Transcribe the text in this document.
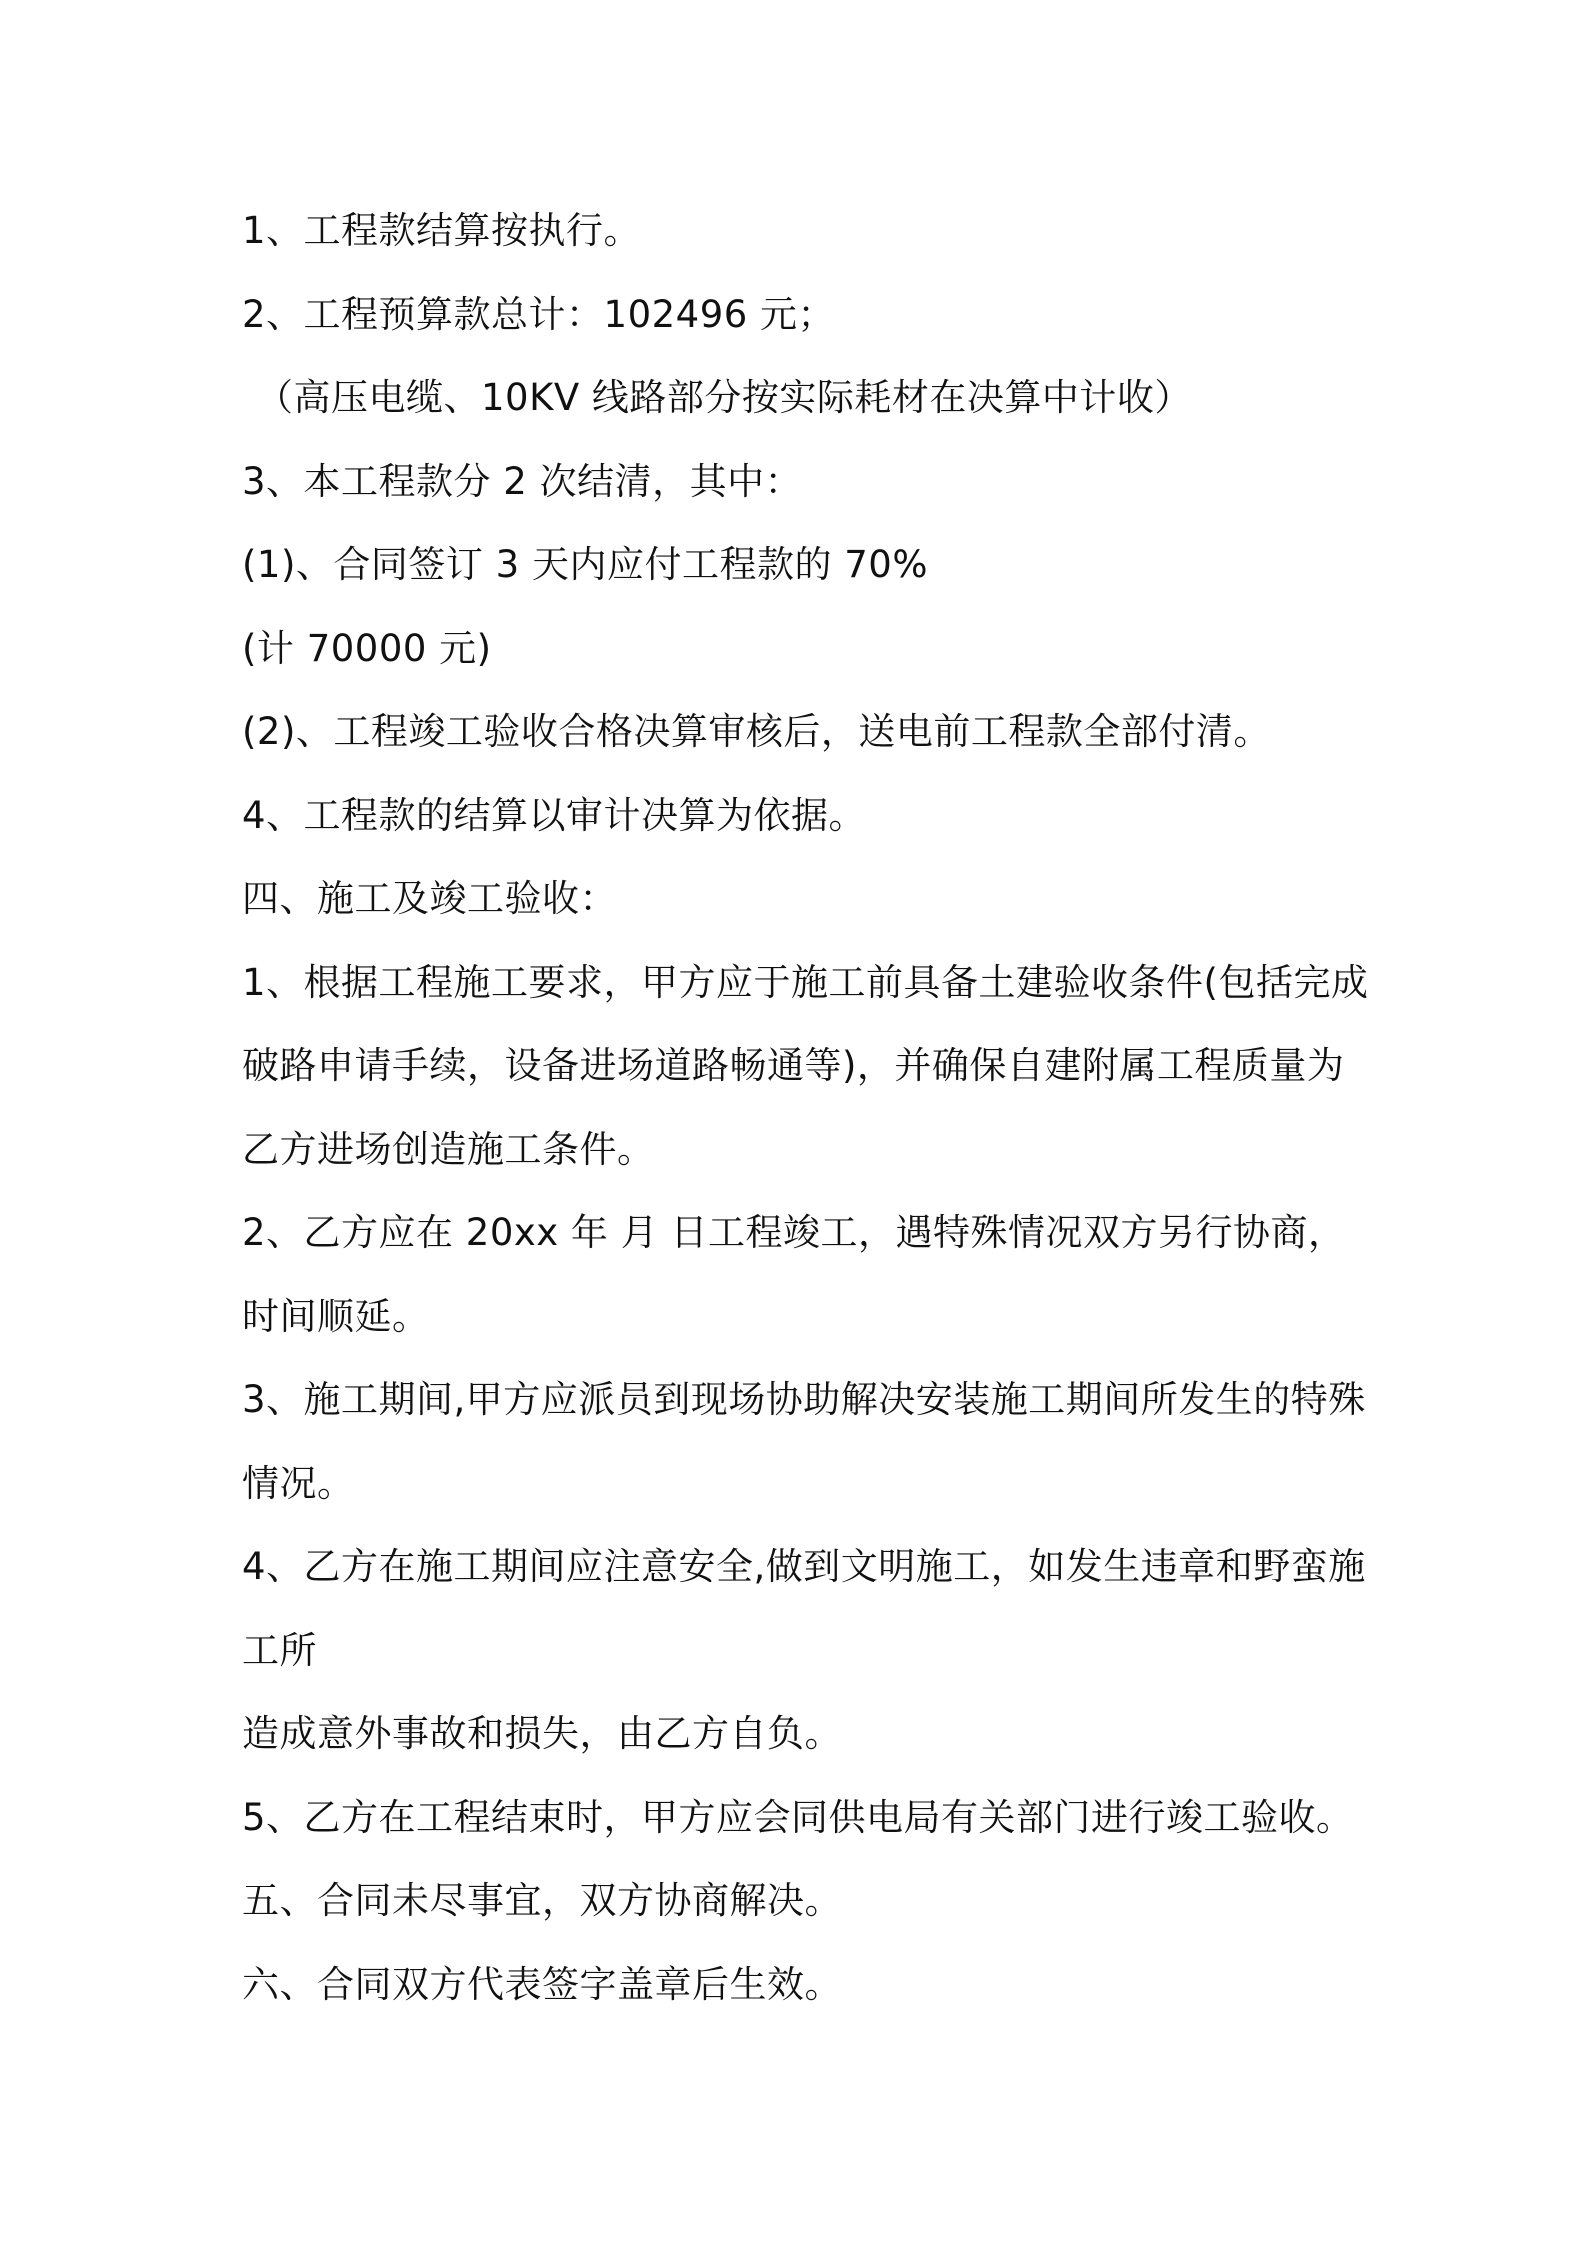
1、工程款结算按执行。
2、工程预算款总计：102496 元；
（高压电缆、10KV 线路部分按实际耗材在决算中计收）
3、本工程款分 2 次结清，其中：
(1)、合同签订 3 天内应付工程款的 70%
(计 70000 元)
(2)、工程竣工验收合格决算审核后，送电前工程款全部付清。
4、工程款的结算以审计决算为依据。
四、施工及竣工验收：
1、根据工程施工要求，甲方应于施工前具备土建验收条件(包括完成
破路申请手续，设备进场道路畅通等)，并确保自建附属工程质量为
乙方进场创造施工条件。
2、乙方应在 20xx 年 月 日工程竣工，遇特殊情况双方另行协商，
时间顺延。
3、施工期间,甲方应派员到现场协助解决安装施工期间所发生的特殊
情况。
4、乙方在施工期间应注意安全,做到文明施工，如发生违章和野蛮施
工所
造成意外事故和损失，由乙方自负。
5、乙方在工程结束时，甲方应会同供电局有关部门进行竣工验收。
五、合同未尽事宜，双方协商解决。
六、合同双方代表签字盖章后生效。
